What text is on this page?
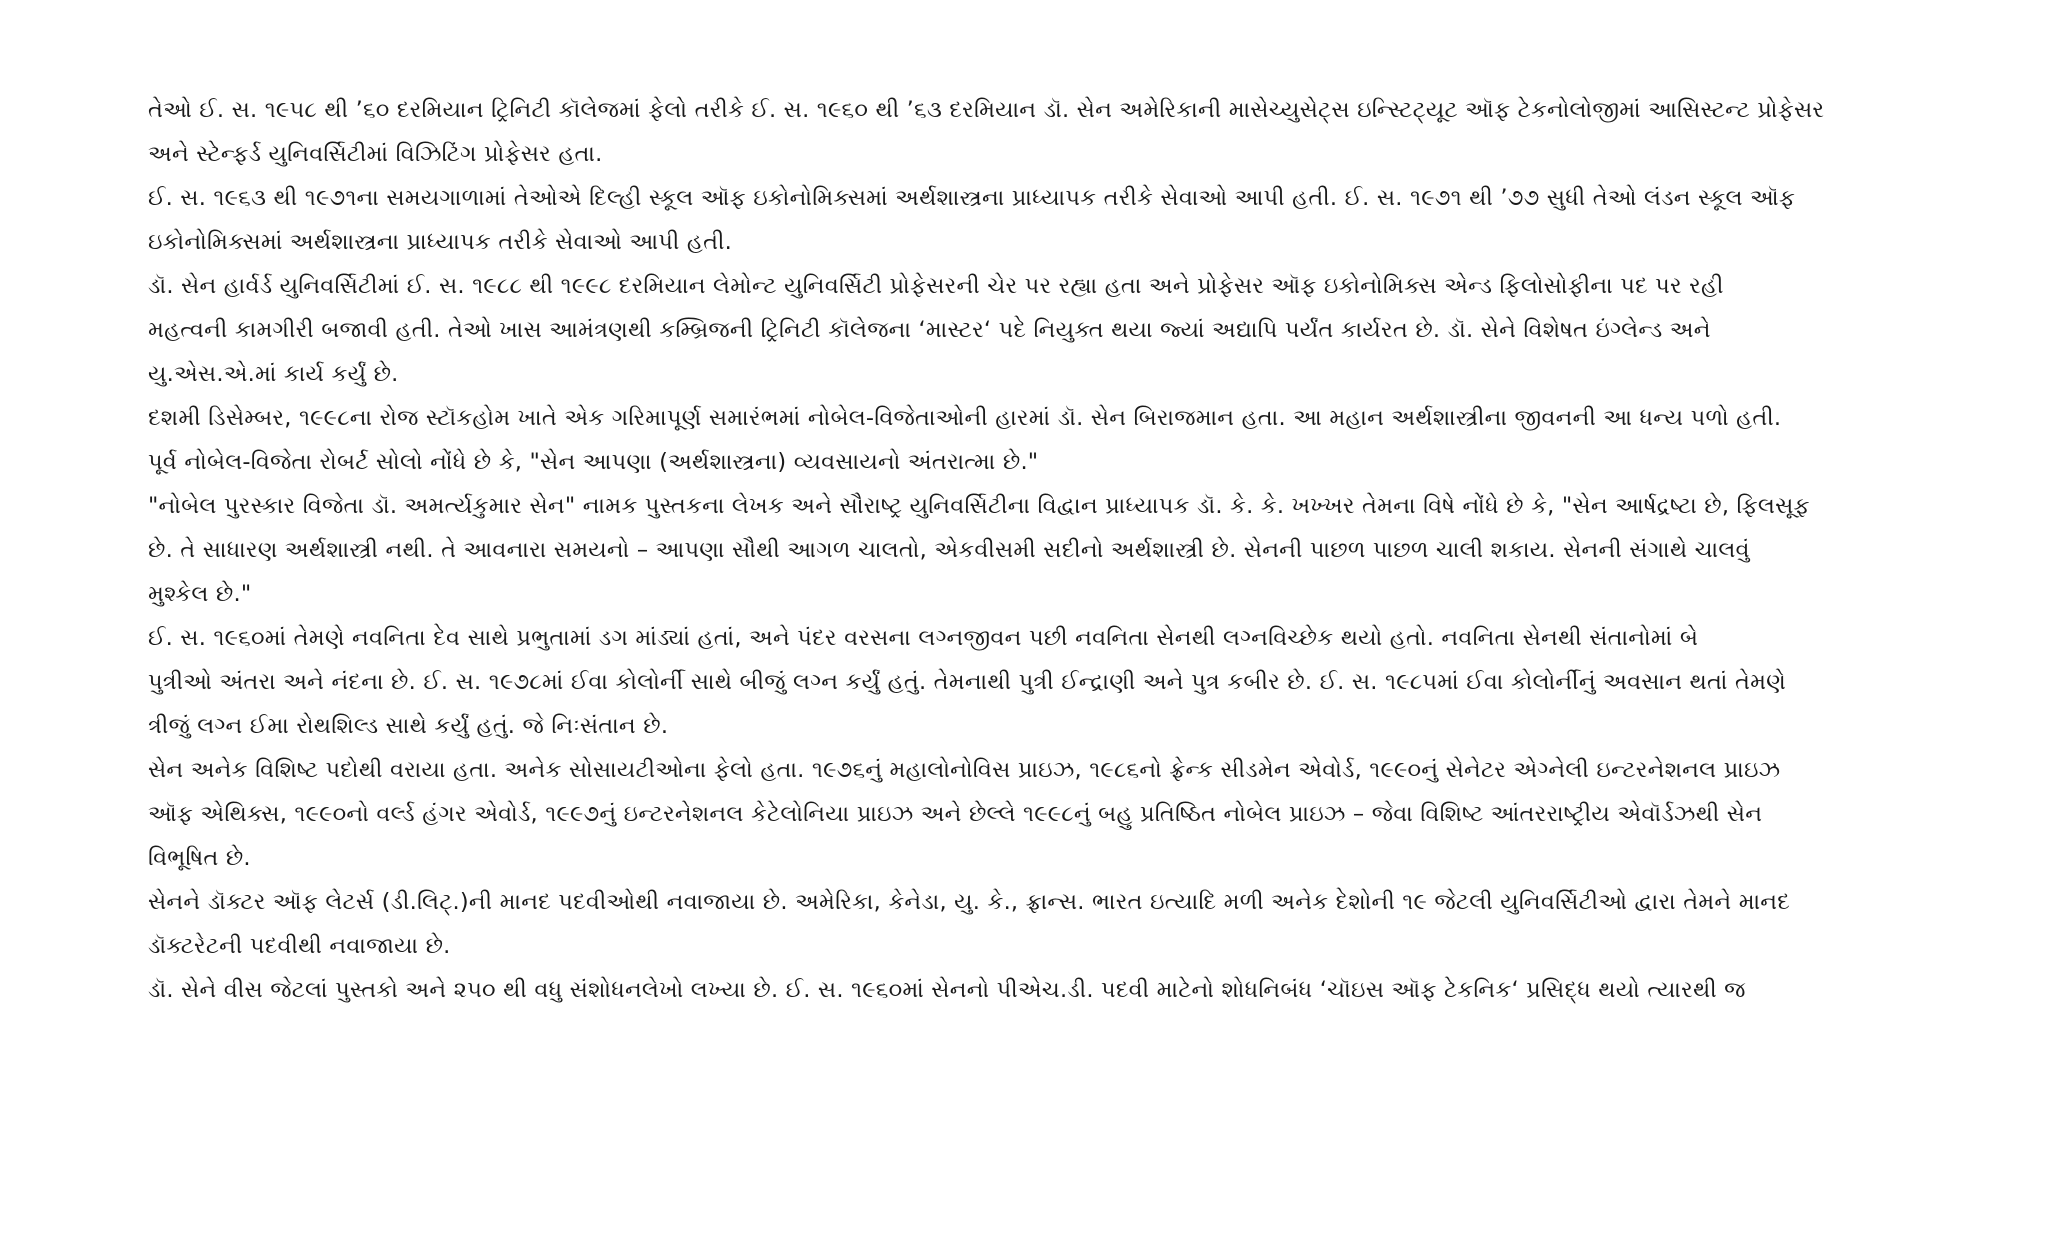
તેઓ ઈ. સ. ૧૯૫૮ થી ’૬૦ દરમિયાન ટ્રિનિટી કૉલેજમાં ફેલો તરીકે ઈ. સ. ૧૯૬૦ થી ’૬૩ દરમિયાન ડૉ. સેન અમેરિકાની માસેચ્યુસેટ્સ ઇન્સ્ટિટ્યૂટ ઑફ ટેકનોલોજીમાં આસિસ્ટન્ટ પ્રોફેસર
અને સ્ટેન્ફર્ડ યુનિવર્સિટીમાં વિઝિટિંગ પ્રોફેસર હતા.
ઈ. સ. ૧૯૬૩ થી ૧૯૭૧ના સમયગાળામાં તેઓએ દિલ્હી સ્કૂલ ઑફ ઇકોનોમિક્સમાં અર્થશાસ્ત્રના પ્રાધ્યાપક તરીકે સેવાઓ આપી હતી. ઈ. સ. ૧૯૭૧ થી ’૭૭ સુધી તેઓ લંડન સ્કૂલ ઑફ
ઇકોનોમિક્સમાં અર્થશાસ્ત્રના પ્રાધ્યાપક તરીકે સેવાઓ આપી હતી.
ડૉ. સેન હાર્વર્ડ યુનિવર્સિટીમાં ઈ. સ. ૧૯૮૮ થી ૧૯૯૮ દરમિયાન લેમોન્ટ યુનિવર્સિટી પ્રોફેસરની ચેર પર રહ્યા હતા અને પ્રોફેસર ઑફ ઇકોનોમિક્સ એન્ડ ફિલોસોફીના પદ પર રહી
મહત્વની કામગીરી બજાવી હતી. તેઓ ખાસ આમંત્રણથી કમ્બ્રિજની ટ્રિનિટી કૉલેજના ‘માસ્ટર‘ પદે નિયુક્ત થયા જ્યાં અદ્યાપિ પર્યંત કાર્યરત છે. ડૉ. સેને વિશેષત ઇંગ્લેન્ડ અને
યુ.એસ.એ.માં કાર્ય કર્યું છે.
દશમી ડિસેમ્બર, ૧૯૯૮ના રોજ સ્ટૉકહોમ ખાતે એક ગરિમાપૂર્ણ સમારંભમાં નોબેલ-વિજેતાઓની હારમાં ડૉ. સેન બિરાજમાન હતા. આ મહાન અર્થશાસ્ત્રીના જીવનની આ ધન્ય પળો હતી.
પૂર્વ નોબેલ-વિજેતા રોબર્ટ સોલો નોંધે છે કે, "સેન આપણા (અર્થશાસ્ત્રના) વ્યવસાયનો અંતરાત્મા છે."
"નોબેલ પુરસ્કાર વિજેતા ડૉ. અમર્ત્યકુમાર સેન" નામક પુસ્તકના લેખક અને સૌરાષ્ટ્ર યુનિવર્સિટીના વિદ્વાન પ્રાધ્યાપક ડૉ. કે. કે. ખખ્ખર તેમના વિષે નોંધે છે કે, "સેન આર્ષદ્રષ્ટા છે, ફિલસૂફ
છે. તે સાધારણ અર્થશાસ્ત્રી નથી. તે આવનારા સમયનો – આપણા સૌથી આગળ ચાલતો, એકવીસમી સદીનો અર્થશાસ્ત્રી છે. સેનની પાછળ પાછળ ચાલી શકાય. સેનની સંગાથે ચાલવું
મુશ્કેલ છે."
ઈ. સ. ૧૯૬૦માં તેમણે નવનિતા દેવ સાથે પ્રભુતામાં ડગ માંડ્યાં હતાં, અને પંદર વરસના લગ્નજીવન પછી નવનિતા સેનથી લગ્નવિચ્છેક થયો હતો. નવનિતા સેનથી સંતાનોમાં બે
પુત્રીઓ અંતરા અને નંદના છે. ઈ. સ. ૧૯૭૮માં ઈવા કોલોર્ની સાથે બીજું લગ્ન કર્યું હતું. તેમનાથી પુત્રી ઈન્દ્રાણી અને પુત્ર કબીર છે. ઈ. સ. ૧૯૮૫માં ઈવા કોલોર્નીનું અવસાન થતાં તેમણે
ત્રીજું લગ્ન ઈમા રોથશિલ્ડ સાથે કર્યું હતું. જે નિઃસંતાન છે.
સેન અનેક વિશિષ્ટ પદોથી વરાયા હતા. અનેક સોસાયટીઓના ફેલો હતા. ૧૯૭૬નું મહાલોનોવિસ પ્રાઇઝ, ૧૯૮૬નો ફ્રેન્ક સીડમેન એવોર્ડ, ૧૯૯૦નું સેનેટર એગ્નેલી ઇન્ટરનેશનલ પ્રાઇઝ
ઑફ એથિક્સ, ૧૯૯૦નો વર્લ્ડ હંગર એવોર્ડ, ૧૯૯૭નું ઇન્ટરનેશનલ કેટેલોનિયા પ્રાઇઝ અને છેલ્લે ૧૯૯૮નું બહુ પ્રતિષ્ઠિત નોબેલ પ્રાઇઝ – જેવા વિશિષ્ટ આંતરરાષ્ટ્રીય એવૉર્ડઝથી સેન
વિભૂષિત છે.
સેનને ડૉક્ટર ઑફ લેટર્સ (ડી.લિટ્.)ની માનદ પદવીઓથી નવાજાયા છે. અમેરિકા, કેનેડા, યુ. કે., ફ્રાન્સ. ભારત ઇત્યાદિ મળી અનેક દેશોની ૧૯ જેટલી યુનિવર્સિટીઓ દ્વારા તેમને માનદ
ડૉક્ટરેટની પદવીથી નવાજાયા છે.
ડૉ. સેને વીસ જેટલાં પુસ્તકો અને ૨૫૦ થી વધુ સંશોધનલેખો લખ્યા છે. ઈ. સ. ૧૯૬૦માં સેનનો પીએચ.ડી. પદવી માટેનો શોધનિબંધ ‘ચૉઇસ ઑફ ટેકનિક‘ પ્રસિદ્ધ થયો ત્યારથી જ
